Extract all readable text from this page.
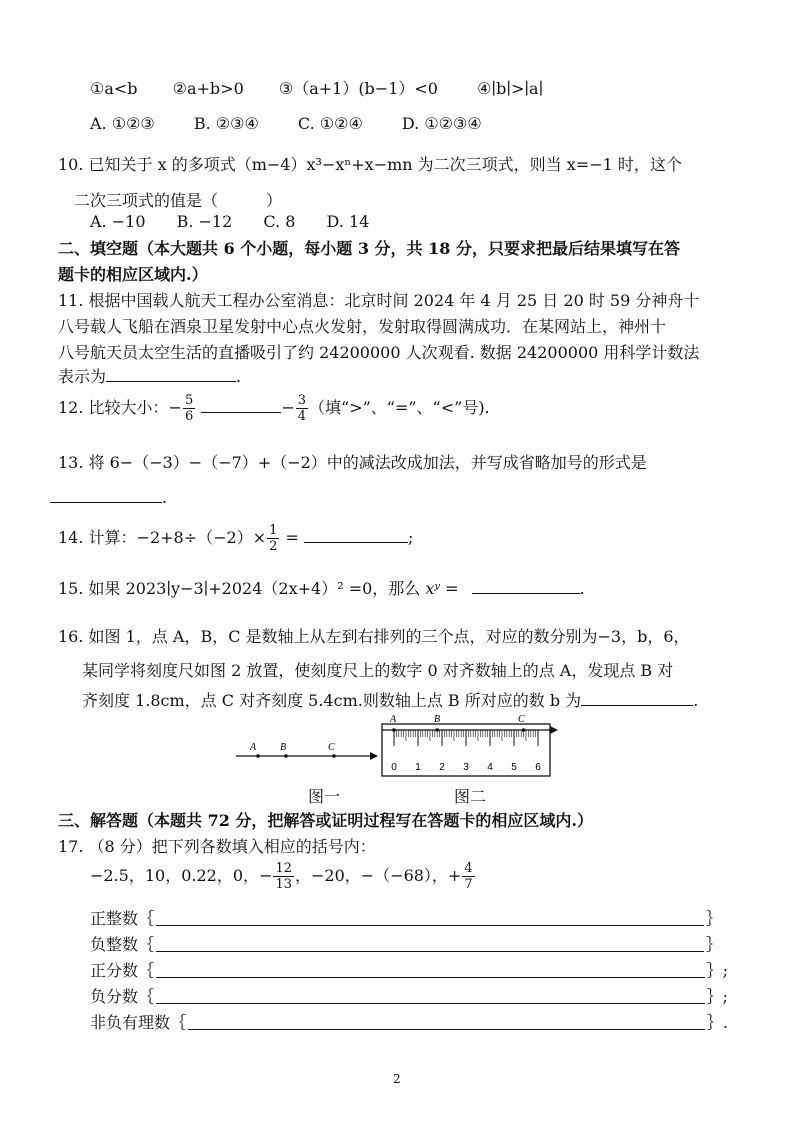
①a<b ②a+b>0 ③（a+1）(b−1）<0 ④∣b∣>∣a∣
A. ①②③ B. ②③④ C. ①②④ D. ①②③④
10. 已知关于 x 的多项式（m−4）x³−xⁿ+x−mn 为二次三项式，则当 x=−1 时，这个
二次三项式的值是（　　　）
A. −10 B. −12 C. 8 D. 14
二、填空题（本大题共 6 个小题，每小题 3 分，共 18 分，只要求把最后结果填写在答
题卡的相应区域内.）
11. 根据中国载人航天工程办公室消息：北京时间 2024 年 4 月 25 日 20 时 59 分神舟十
八号载人飞船在酒泉卫星发射中心点火发射，发射取得圆满成功．在某网站上，神州十
八号航天员太空生活的直播吸引了约 24200000 人次观看. 数据 24200000 用科学计数法
表示为	.
12. 比较大小：− $\frac{5}{6}$	− $\frac{3}{4}$ （填“>”、“=”、“<”号).
13. 将 6−（−3）−（−7）+（−2）中的减法改成加法，并写成省略加号的形式是
.
14. 计算：$-2+8\div(-2)\times \frac{1}{2}$ =	;
15. 如果 2023∣y−3∣+2024（2x+4）² =0，那么 xʸ =	.
16. 如图 1，点 A，B，C 是数轴上从左到右排列的三个点，对应的数分别为−3，b，6，
某同学将刻度尺如图 2 放置，使刻度尺上的数字 0 对齐数轴上的点 A，发现点 B 对
齐刻度 1.8cm，点 C 对齐刻度 5.4cm.则数轴上点 B 所对应的数 b 为	.
A B	C
0 1 2 3 4 5 6
A	B	C
图一	图二
三、解答题（本题共 72 分，把解答或证明过程写在答题卡的相应区域内.）
17. （8 分）把下列各数填入相应的括号内：
−2.5，10，0.22，0，− $\frac{12}{13}$ ，−20，−（−68），+ $\frac{4}{7}$
正整数｛	｝
负整数｛	｝
正分数｛	｝;
负分数｛	｝;
非负有理数｛	｝.
2
